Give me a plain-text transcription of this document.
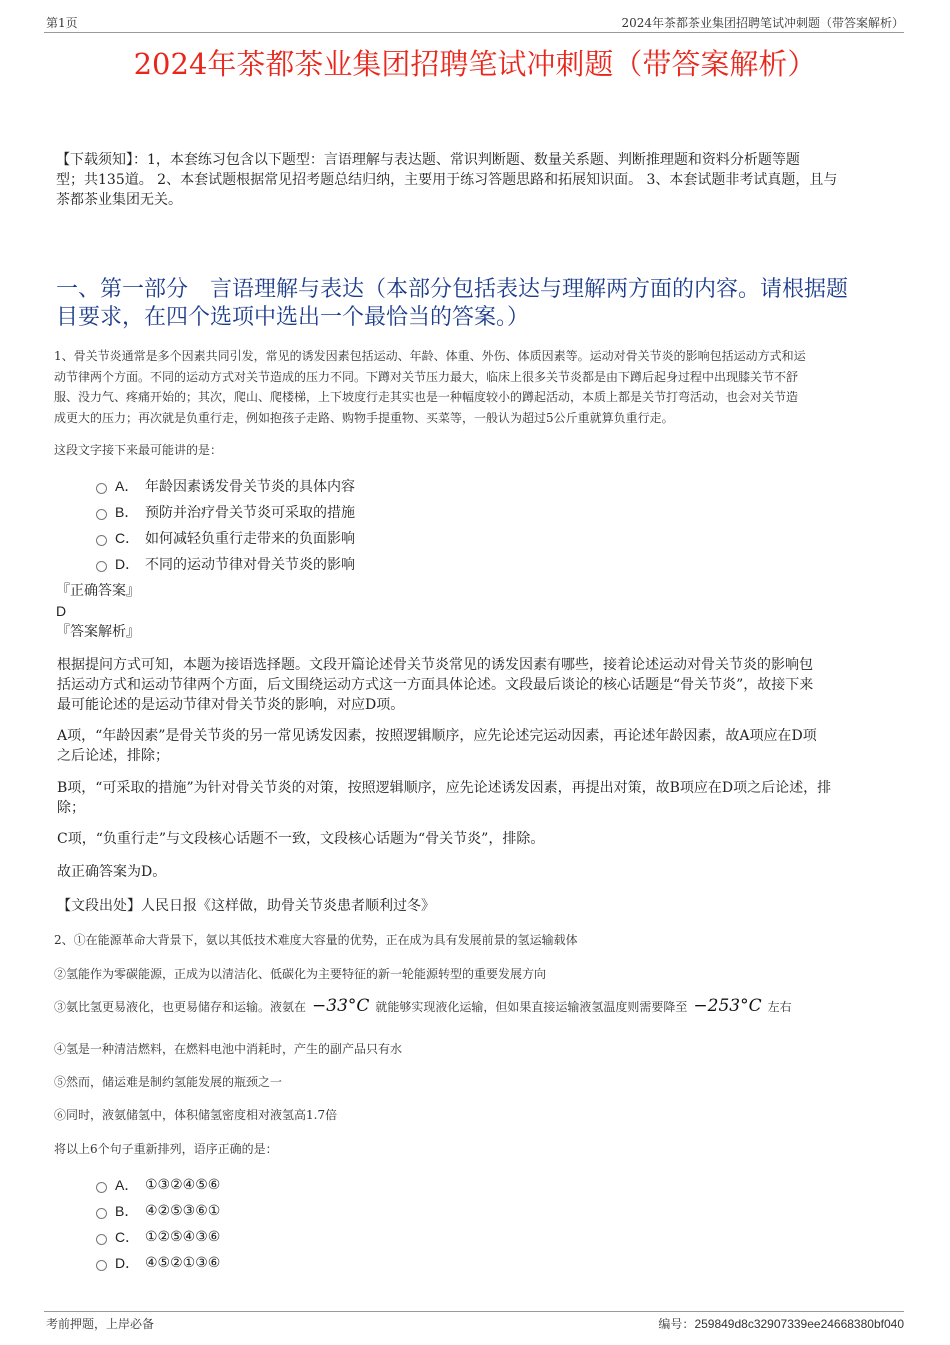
第1页	2024年茶都茶业集团招聘笔试冲刺题（带答案解析）
2024年茶都茶业集团招聘笔试冲刺题（带答案解析）
【下载须知】：1，本套练习包含以下题型：言语理解与表达题、常识判断题、数量关系题、判断推理题和资料分析题等题
型；共135道。 2、本套试题根据常见招考题总结归纳，主要用于练习答题思路和拓展知识面。 3、本套试题非考试真题，且与
茶都茶业集团无关。
一、第一部分　言语理解与表达（本部分包括表达与理解两方面的内容。请根据题
目要求，在四个选项中选出一个最恰当的答案。）
1、骨关节炎通常是多个因素共同引发，常见的诱发因素包括运动、年龄、体重、外伤、体质因素等。运动对骨关节炎的影响包括运动方式和运
动节律两个方面。不同的运动方式对关节造成的压力不同。下蹲对关节压力最大，临床上很多关节炎都是由下蹲后起身过程中出现膝关节不舒
服、没力气、疼痛开始的；其次，爬山、爬楼梯，上下坡度行走其实也是一种幅度较小的蹲起活动，本质上都是关节打弯活动，也会对关节造
成更大的压力；再次就是负重行走，例如抱孩子走路、购物手提重物、买菜等，一般认为超过5公斤重就算负重行走。
这段文字接下来最可能讲的是：
A． 年龄因素诱发骨关节炎的具体内容
B． 预防并治疗骨关节炎可采取的措施
C． 如何减轻负重行走带来的负面影响
D． 不同的运动节律对骨关节炎的影响
『正确答案』
D
『答案解析』
根据提问方式可知，本题为接语选择题。文段开篇论述骨关节炎常见的诱发因素有哪些，接着论述运动对骨关节炎的影响包
括运动方式和运动节律两个方面，后文围绕运动方式这一方面具体论述。文段最后谈论的核心话题是“骨关节炎”，故接下来
最可能论述的是运动节律对骨关节炎的影响，对应D项。
A项，“年龄因素”是骨关节炎的另一常见诱发因素，按照逻辑顺序，应先论述完运动因素，再论述年龄因素，故A项应在D项
之后论述，排除；
B项，“可采取的措施”为针对骨关节炎的对策，按照逻辑顺序，应先论述诱发因素，再提出对策，故B项应在D项之后论述，排
除；
C项，“负重行走”与文段核心话题不一致，文段核心话题为“骨关节炎”，排除。
故正确答案为D。
【文段出处】人民日报《这样做，助骨关节炎患者顺利过冬》
2、①在能源革命大背景下，氨以其低技术难度大容量的优势，正在成为具有发展前景的氢运输载体
②氢能作为零碳能源，正成为以清洁化、低碳化为主要特征的新一轮能源转型的重要发展方向
③氨比氢更易液化，也更易储存和运输。液氨在 −33°C 就能够实现液化运输，但如果直接运输液氢温度则需要降至 −253°C 左右
④氢是一种清洁燃料，在燃料电池中消耗时，产生的副产品只有水
⑤然而，储运难是制约氢能发展的瓶颈之一
⑥同时，液氨储氢中，体积储氢密度相对液氢高1.7倍
将以上6个句子重新排列，语序正确的是：
A． ①③②④⑤⑥
B． ④②⑤③⑥①
C． ①②⑤④③⑥
D． ④⑤②①③⑥
考前押题，上岸必备	编号：259849d8c32907339ee24668380bf040
